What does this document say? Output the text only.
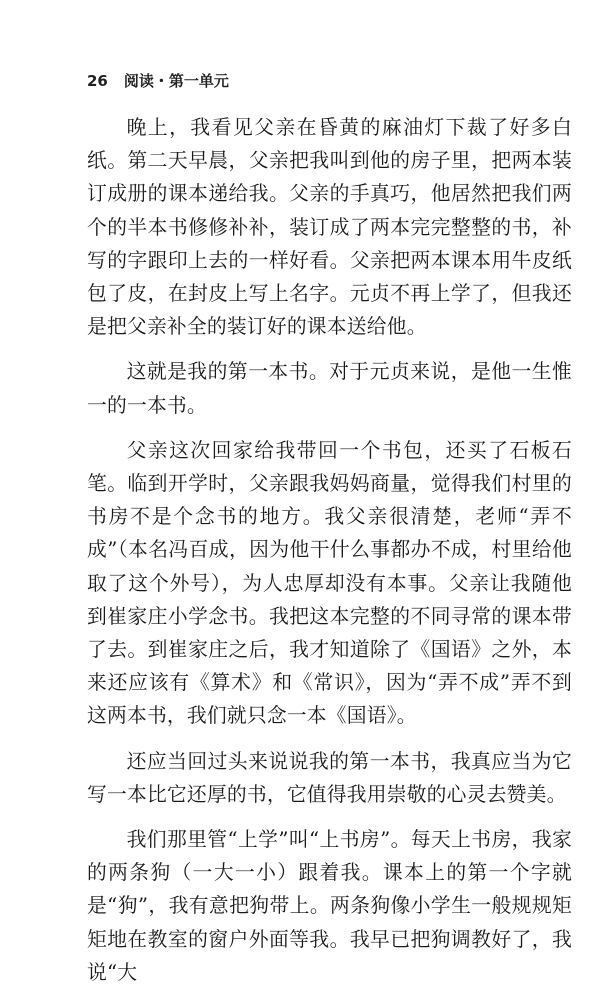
26 阅读・第一单元

晚上，我看见父亲在昏黄的麻油灯下裁了好多白纸。第二天早晨，父亲把我叫到他的房子里，把两本装订成册的课本递给我。父亲的手真巧，他居然把我们两个的半本书修修补补，装订成了两本完完整整的书，补写的字跟印上去的一样好看。父亲把两本课本用牛皮纸包了皮，在封皮上写上名字。元贞不再上学了，但我还是把父亲补全的装订好的课本送给他。

这就是我的第一本书。对于元贞来说，是他一生惟一的一本书。

父亲这次回家给我带回一个书包，还买了石板石笔。临到开学时，父亲跟我妈妈商量，觉得我们村里的书房不是个念书的地方。我父亲很清楚，老师“弄不成”（本名冯百成，因为他干什么事都办不成，村里给他取了这个外号），为人忠厚却没有本事。父亲让我随他到崔家庄小学念书。我把这本完整的不同寻常的课本带了去。到崔家庄之后，我才知道除了《国语》之外，本来还应该有《算术》和《常识》，因为“弄不成”弄不到这两本书，我们就只念一本《国语》。

还应当回过头来说说我的第一本书，我真应当为它写一本比它还厚的书，它值得我用崇敬的心灵去赞美。

我们那里管“上学”叫“上书房”。每天上书房，我家的两条狗（一大一小）跟着我。课本上的第一个字就是“狗”，我有意把狗带上。两条狗像小学生一般规规矩矩地在教室的窗户外面等我。我早已把狗调教好了，我说“大
